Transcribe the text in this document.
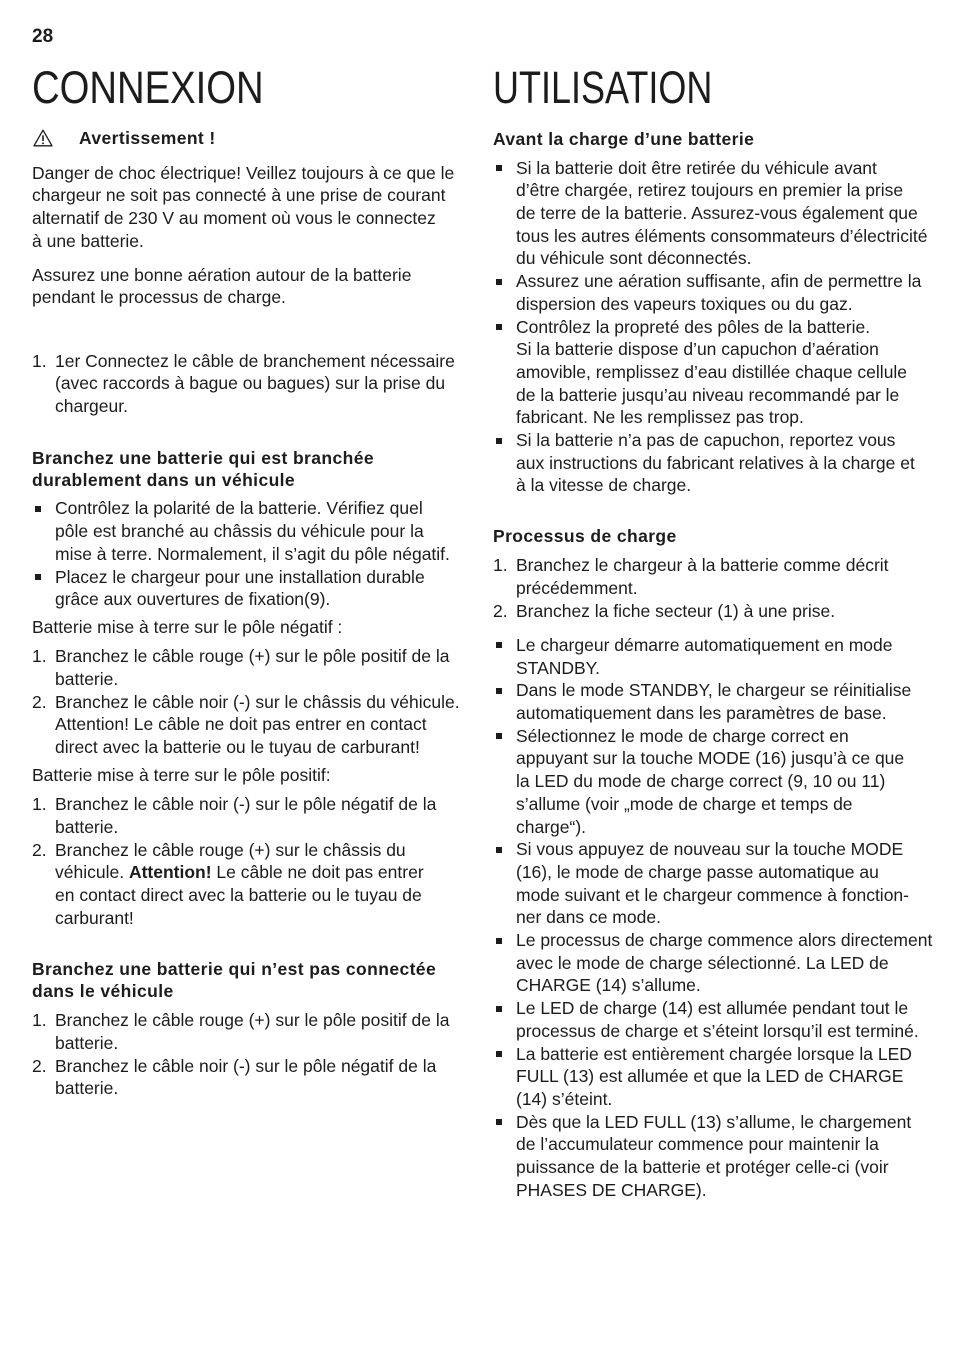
28
CONNEXION	UTILISATION
Avertissement !
Danger de choc électrique! Veillez toujours à ce que le
chargeur ne soit pas connecté à une prise de courant
alternatif de 230 V au moment où vous le connectez
à une batterie.
Assurez une bonne aération autour de la batterie
pendant le processus de charge.
1. 1er Connectez le câble de branchement nécessaire
(avec raccords à bague ou bagues) sur la prise du
chargeur.
Branchez une batterie qui est branchée
durablement dans un véhicule
Contrôlez la polarité de la batterie. Vérifiez quel
pôle est branché au châssis du véhicule pour la
mise à terre. Normalement, il s’agit du pôle négatif.
Placez le chargeur pour une installation durable
grâce aux ouvertures de fixation(9).
Batterie mise à terre sur le pôle négatif :
1. Branchez le câble rouge (+) sur le pôle positif de la
batterie.
2. Branchez le câble noir (-) sur le châssis du véhicule.
Attention! Le câble ne doit pas entrer en contact
direct avec la batterie ou le tuyau de carburant!
Batterie mise à terre sur le pôle positif:
1. Branchez le câble noir (-) sur le pôle négatif de la
batterie.
2. Branchez le câble rouge (+) sur le châssis du
véhicule. Attention! Le câble ne doit pas entrer
en contact direct avec la batterie ou le tuyau de
carburant!
Branchez une batterie qui n’est pas connectée
dans le véhicule
1. Branchez le câble rouge (+) sur le pôle positif de la
batterie.
2. Branchez le câble noir (-) sur le pôle négatif de la
batterie.
Avant la charge d’une batterie
Si la batterie doit être retirée du véhicule avant
d’être chargée, retirez toujours en premier la prise
de terre de la batterie. Assurez-vous également que
tous les autres éléments consommateurs d’électricité
du véhicule sont déconnectés.
Assurez une aération suffisante, afin de permettre la
dispersion des vapeurs toxiques ou du gaz.
Contrôlez la propreté des pôles de la batterie.
Si la batterie dispose d’un capuchon d’aération
amovible, remplissez d’eau distillée chaque cellule
de la batterie jusqu’au niveau recommandé par le
fabricant. Ne les remplissez pas trop.
Si la batterie n’a pas de capuchon, reportez vous
aux instructions du fabricant relatives à la charge et
à la vitesse de charge.
Processus de charge
1. Branchez le chargeur à la batterie comme décrit
précédemment.
2. Branchez la fiche secteur (1) à une prise.
Le chargeur démarre automatiquement en mode
STANDBY.
Dans le mode STANDBY, le chargeur se réinitialise
automatiquement dans les paramètres de base.
Sélectionnez le mode de charge correct en
appuyant sur la touche MODE (16) jusqu’à ce que
la LED du mode de charge correct (9, 10 ou 11)
s’allume (voir „mode de charge et temps de
charge“).
Si vous appuyez de nouveau sur la touche MODE
(16), le mode de charge passe automatique au
mode suivant et le chargeur commence à fonction-
ner dans ce mode.
Le processus de charge commence alors directement
avec le mode de charge sélectionné. La LED de
CHARGE (14) s’allume.
Le LED de charge (14) est allumée pendant tout le
processus de charge et s’éteint lorsqu’il est terminé.
La batterie est entièrement chargée lorsque la LED
FULL (13) est allumée et que la LED de CHARGE
(14) s’éteint.
Dès que la LED FULL (13) s’allume, le chargement
de l’accumulateur commence pour maintenir la
puissance de la batterie et protéger celle-ci (voir
PHASES DE CHARGE).
